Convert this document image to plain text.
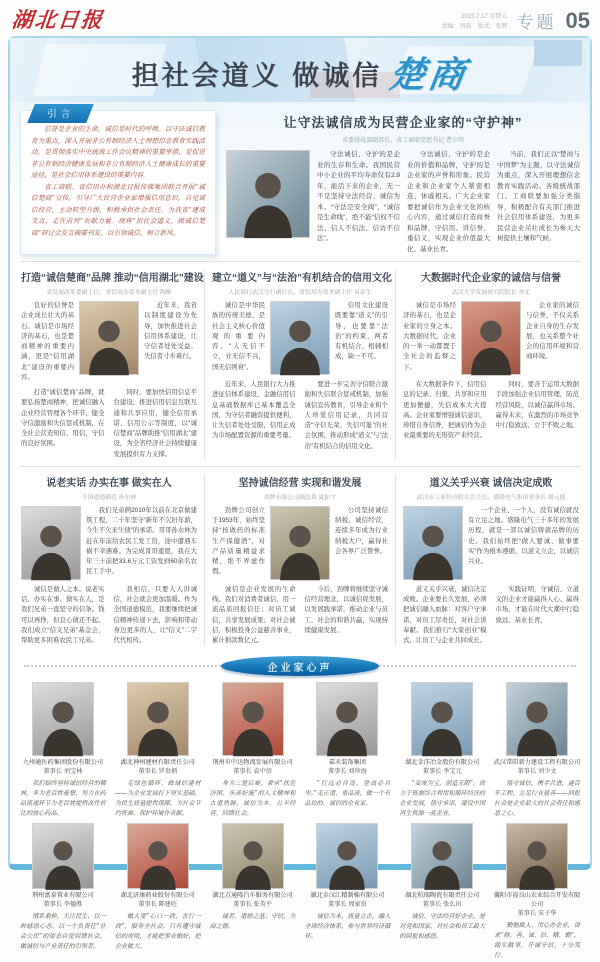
湖北日报	2015.7.17 星期五
责编：周磊　版式：张辉 专题 05
担社会道义 做诚信 楚商
引言

信誉是企业的生命，诚信是时代的呼唤。以守法诚信教育为重点，深入开展非公有制经济人士理想信念教育实践活动，是贯彻落实中央统战工作会议精神的重要举措，是促进非公有制经济健康发展和非公有制经济人士健康成长的重要途径，是社会信用体系建设的重要内容。

省工商联、省信用办和湖北日报传媒集团联合开展“诚信楚商”宣传，引导广大民营企业家增强信用意识，自觉诚信经营，主动转型升级，积极承担社会责任，为我省“建成支点、走在前列”贡献力量。现将“担社会道义，做诚信楚商”研讨会发言摘要刊发，以引领诚信、树立新风。

让守法诚信成为民营企业家的“守护神”
省委统战部副部长、省工商联党组书记 曹立明

守法诚信，守护的是企业的生存和生命。我国民营中小企业的平均寿命仅有2.9年，能活下来的企业，无一不是坚持守法经营、诚信为本。“守法是安全阀”、“诚信是生命线”，绝不能“信权不信法、信人不信法、信访不信法”。

守法诚信，守护的是企业的价值和品牌，守护的是企业家的声誉和形象。民营企业和企业家个人紧密相连、休戚相关。广大企业家要把诚信作为企业文化的核心内容，通过诚信打造商誉和品牌，守信用、讲信誉、重信义，实现企业价值最大化、基业长青。

当前，我们正以“楚商与中国梦”为主题，以守法诚信为重点，深入开展理想信念教育实践活动。各级统战部门、工商联要加强分类指导，积极配合有关部门推进社会信用体系建设，为更多民营企业茁壮成长为参天大树提供土壤和气候。

打造“诚信楚商”品牌 推动“信用湖北”建设
省发展改革委副主任、省信用办常务副主任 陶醉

良好的信誉是企业成长壮大的基石。诚信是市场经济的基石，也是楚商精神的重要内涵，更是“信用湖北”建设的重要内容。

近年来，我省以制度建设为先导，加快推进社会信用体系建设，让守信者处处受益、失信者寸步难行。

打造“诚信楚商”品牌，就要弘扬楚商精神，把诚信融入企业经营管理各个环节，健全守信激励和失信惩戒机制，在全社会营造知信、用信、守信的良好氛围。

同时，要加快信用信息平台建设，推进信用信息互联互通和共享应用，健全信用承诺、信用公示等制度，以“诚信楚商”品牌助推“信用湖北”建设，为全省经济社会持续健康发展提供有力支撑。

建立“道义”与“法治”有机结合的信用文化
人民银行武汉分行副行长、省信用办常务副主任 易春生

诚信是中华民族的传统美德，是社会主义核心价值观的重要内容。“人无信不立，业无信不兴，国无信则衰”。

信用文化建设既要靠“道义”的引导，也要靠“法治”的约束，两者有机结合、相辅相成，缺一不可。

近年来，人民银行大力推进征信体系建设，金融信用信息基础数据库已基本覆盖全国，为守信者融资提供便利，让失信者处处受限，信用正成为市场配置资源的重要考量。

要进一步完善守信联合激励和失信联合惩戒机制，加强诚信宣传教育，引导企业和个人珍爱信用记录，共同营造“守信光荣、失信可耻”的社会氛围，推动形成“道义”与“法治”有机结合的信用文化。

大数据时代企业家的诚信与信誉
武汉大学发展研究院院长 李光

诚信是市场经济的基石，也是企业家的立身之本。大数据时代，企业的一举一动都置于全社会的监督之下。

企业家的诚信与信誉，不仅关系企业自身的生存发展，也关系整个社会的信用环境和营商环境。

在大数据条件下，信用信息的记录、归集、共享和应用更加便捷，失信成本大大提高。企业家要增强诚信意识，珍惜自身信誉，把诚信作为企业最重要的无形资产来经营。

同时，要善于运用大数据手段加强企业信用管理，防范经营风险，以诚信赢得市场、赢得未来，在激烈的市场竞争中行稳致远、立于不败之地。

说老实话 办实在事 做实在人
全国道德模范 孙东林

我们兄弟俩2010年以前在北京做建筑工程，二十年坚守“新年不欠旧年薪，今生不欠来生债”的承诺。哥哥孙水林为赶在年前给农民工发工资，途中遭遇车祸不幸遇难。为完成哥哥遗愿，我在大年三十前把33.6万元工资发到60余名农民工手中。

诚信是做人之本。说老实话、办实在事、做实在人，是我们兄弟一直坚守的信条。钱可以再挣，但良心债还不起。我们成立“信义兄弟”基金会，帮助更多困难农民工兄弟。

我相信，只要人人讲诚信，社会就会更加温暖。作为全国道德模范，我要继续把诚信精神传递下去，影响和带动身边更多的人，让“信义”二字代代相传。

坚持诚信经营 实现和谐发展
劲牌有限公司副总裁 夏振宇

劲牌公司创立于1953年，始终坚持“按做药的标准生产保健酒”，对产品质量精益求精，绝不弄虚作假。

公司坚持诚信纳税、诚信经营，连续多年成为行业纳税大户，赢得社会各界广泛赞誉。

诚信是企业发展的生命线。我们对消费者诚信，用一流品质回报信任；对员工诚信，共享发展成果；对社会诚信，积极投身公益慈善事业，累计捐款数亿元。

今后，劲牌将继续坚守诚信经营理念，以诚信促发展，以发展践承诺，推动企业与员工、社会的和谐共赢，实现持续健康发展。

道义关乎兴衰 诚信决定成败
武汉市工业经济联合会会长、盛隆电气集团董事长 谢元德

一个企业、一个人，没有诚信就没有立足之地。盛隆电气三十多年的发展历程，就是一部以诚信铸就品牌的历史。我们始终把“做人要诚、做事要实”作为根本遵循，以道义立企，以诚信兴业。

道义关乎兴衰，诚信决定成败。企业要长久发展，必须把诚信融入血脉：对客户守承诺，对员工尽责任，对社会讲奉献。我们推行“大家创业”模式，让员工与企业共同成长。

实践证明，守诚信、立道义的企业才能赢得人心、赢得市场，才能在时代大潮中行稳致远、基业长青。

企业家心声
九州通医药集团股份有限公司
董事长 刘宝林

我们始终坚持诚信经营的精神，多为老百姓着想，努力在药品流通环节为老百姓提供高性价比的放心药品。

湖北神州建材有限责任公司
董事长 罗贵炳

走绿色循环、做诚信建材——为企业发展打下坚实基础，为民生质量提供保障，为社会节约资源、保护环境作贡献。

荆州市中达物流发展有限公司
董事长 袁中信

身为三楚后裔，秉承“扶危济困、乐善好施”的人文精神和古道热肠，诚信为本、公平经营、回馈社会。

嘉禾装饰集团
董事长 刘珍海

“行远必自迩，登高必自卑。”走正道、重品质，做一个有品位的、诚信的企业家。

湖北金洋冶金股份有限公司
董事长 李宝元

“变废为宝，创造无限”。致力于资源综合利用和循环经济的企业发展，恪守承诺，建设中国再生资源一流企业。

武汉常阳新力建设工程有限公司
董事长 刘少文

恪守诚信，携手共进，建百年工程，立足行业慈善——回报社会是企业最大的社会责任和感恩之心。

荆州富泰置业有限公司
董事长 李德胜

情系桑梓，关注民生，以一种感恩心态、以一个负责任“社会公民”的姿态自觉回馈社会，做诚信与产业责任的引领者。

湖北济康药业股份有限公司
董事长 陈建旺

做人要“心口一致、言行一致”，服务全社会。只有遵守诚信的规则，才能把事业做好，把企业做大。

湖北万通隆汽车服务有限公司
董事长 张英平

诚者，道德之基；守信，为商之德。

湖北金汉江精制棉有限公司
董事长 周家贵

诚信为本，质量立企，融入全球经济体系，参与世界经济循环。

湖北杭瑞陶瓷有限责任公司
董事长 张么田

诚信、守法经营好企业，是对党和国家、对社会和员工最大的回报和感恩。

襄阳市福良山农业综合开发有限公司
董事长 宋子华

勤勉做人、用心办企业，讲求“修、善、诚、信、精、勤”，踏实做事，开诚守信，十分笃行。
